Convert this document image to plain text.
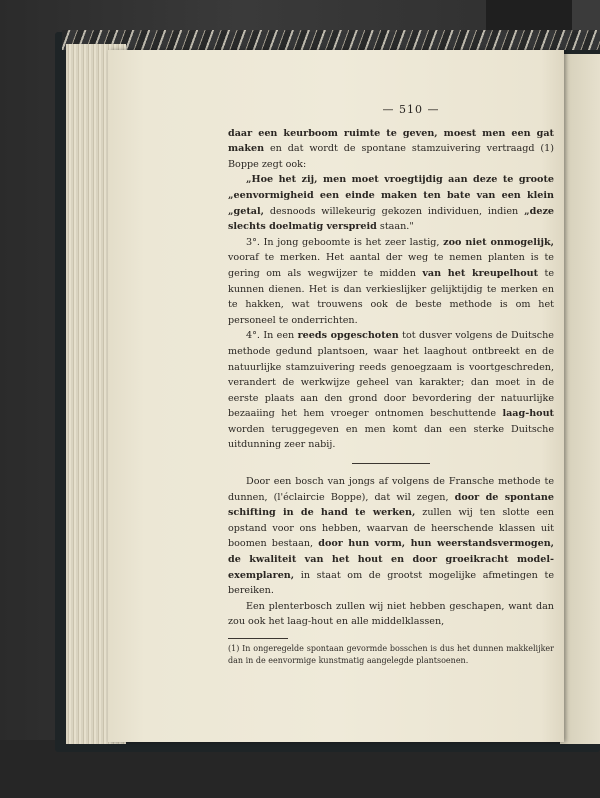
— 510 —

daar een keurboom ruimte te geven, moest men een gat maken en dat wordt de spontane stamzuivering vertraagd (1) Boppe zegt ook:

„Hoe het zij, men moet vroegtijdig aan deze te groote „eenvormigheid een einde maken ten bate van een klein „getal, desnoods willekeurig gekozen individuen, indien „deze slechts doelmatig verspreid staan."

3°. In jong geboomte is het zeer lastig, zoo niet onmogelijk, vooraf te merken. Het aantal der weg te nemen planten is te gering om als wegwijzer te midden van het kreupelhout te kunnen dienen. Het is dan verkieslijker gelijktijdig te merken en te hakken, wat trouwens ook de beste methode is om het personeel te onderrichten.

4°. In een reeds opgeschoten tot dusver volgens de Duitsche methode gedund plantsoen, waar het laaghout ontbreekt en de natuurlijke stamzuivering reeds genoegzaam is voortgeschreden, verandert de werkwijze geheel van karakter; dan moet in de eerste plaats aan den grond door bevordering der natuurlijke bezaaiing het hem vroeger ontnomen beschuttende laag-hout worden teruggegeven en men komt dan een sterke Duitsche uitdunning zeer nabij.

Door een bosch van jongs af volgens de Fransche methode te dunnen, (l'éclaircie Boppe), dat wil zegen, door de spontane schifting in de hand te werken, zullen wij ten slotte een opstand voor ons hebben, waarvan de heerschende klassen uit boomen bestaan, door hun vorm, hun weerstandsvermogen, de kwaliteit van het hout en door groeikracht model-exemplaren, in staat om de grootst mogelijke afmetingen te bereiken.

Een plenterbosch zullen wij niet hebben geschapen, want dan zou ook het laag-hout en alle middelklassen,

(1) In ongeregelde spontaan gevormde bosschen is dus het dunnen makkelijker dan in de eenvormige kunstmatig aangelegde plantsoenen.
